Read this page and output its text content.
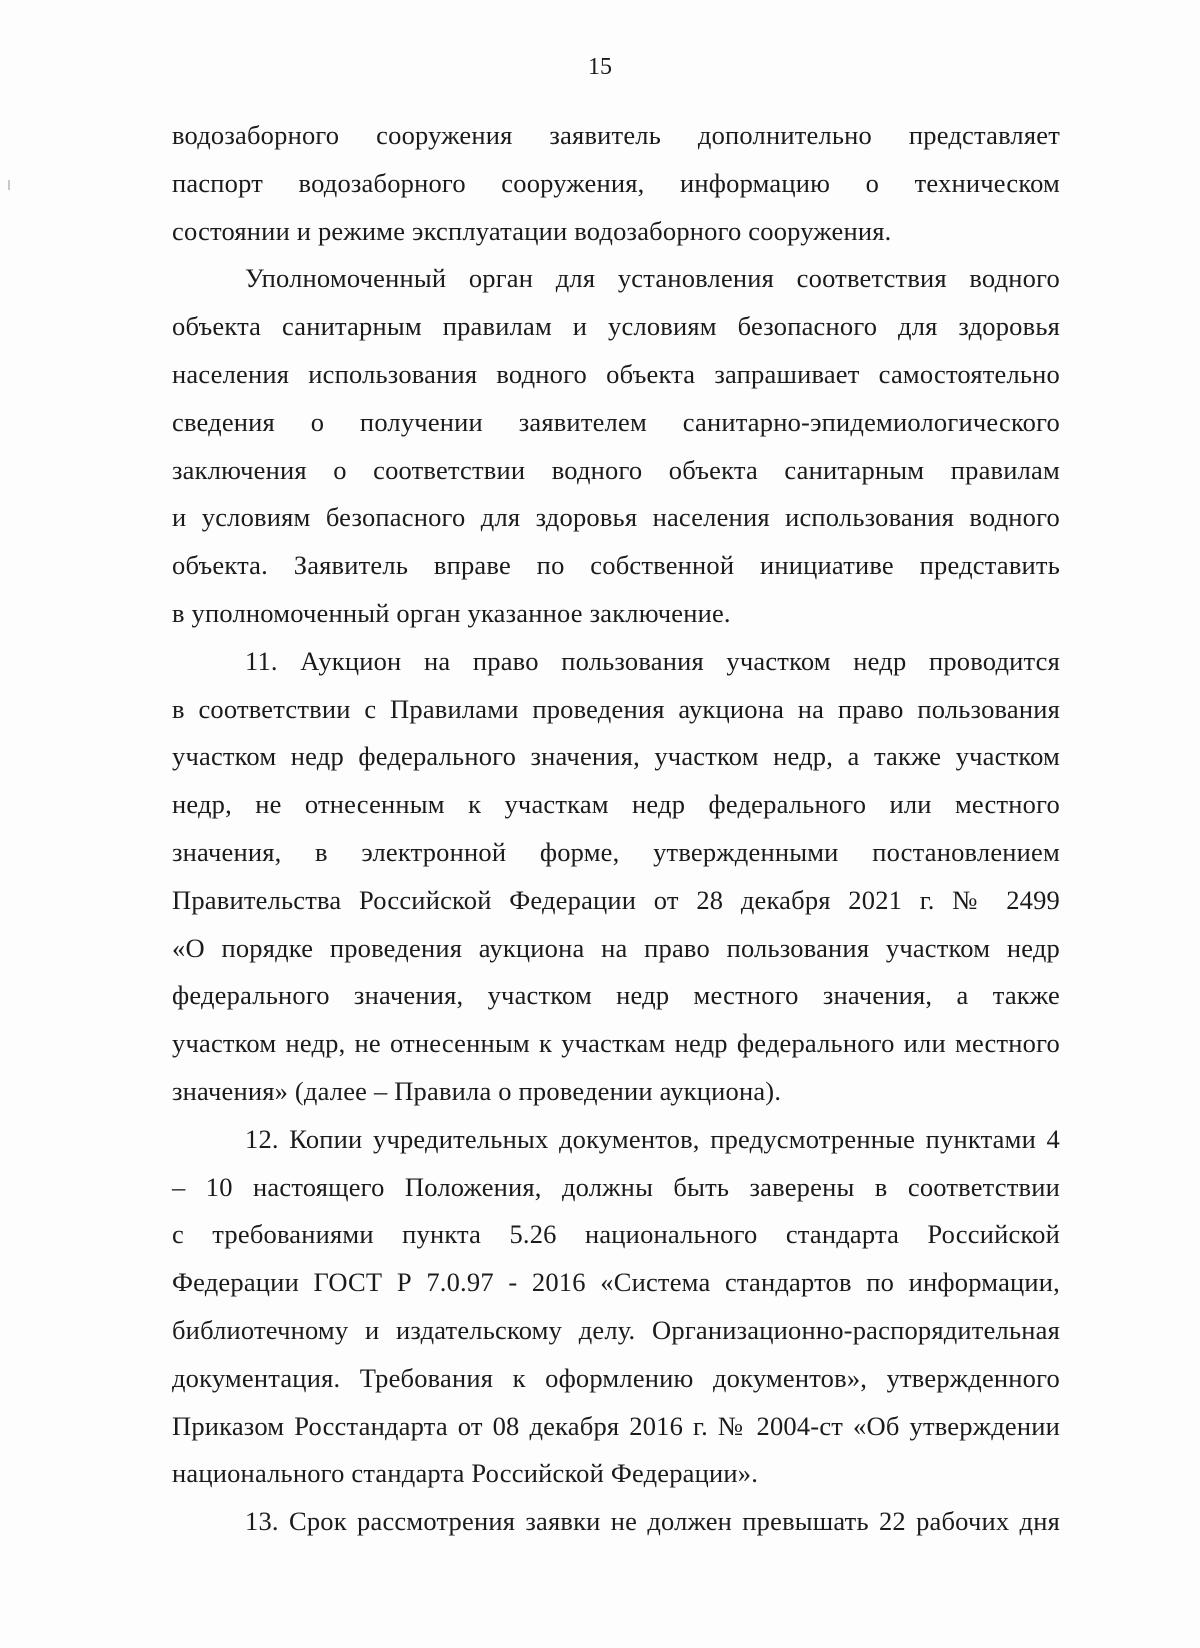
15

водозаборного сооружения заявитель дополнительно представляет
паспорт водозаборного сооружения, информацию о техническом
состоянии и режиме эксплуатации водозаборного сооружения.

Уполномоченный орган для установления соответствия водного
объекта санитарным правилам и условиям безопасного для здоровья
населения использования водного объекта запрашивает самостоятельно
сведения о получении заявителем санитарно-эпидемиологического
заключения о соответствии водного объекта санитарным правилам
и условиям безопасного для здоровья населения использования водного
объекта. Заявитель вправе по собственной инициативе представить
в уполномоченный орган указанное заключение.

11. Аукцион на право пользования участком недр проводится
в соответствии с Правилами проведения аукциона на право пользования
участком недр федерального значения, участком недр, а также участком
недр, не отнесенным к участкам недр федерального или местного
значения, в электронной форме, утвержденными постановлением
Правительства Российской Федерации от 28 декабря 2021 г. № 2499
«О порядке проведения аукциона на право пользования участком недр
федерального значения, участком недр местного значения, а также
участком недр, не отнесенным к участкам недр федерального или местного
значения» (далее – Правила о проведении аукциона).

12. Копии учредительных документов, предусмотренные пунктами 4
– 10 настоящего Положения, должны быть заверены в соответствии
с требованиями пункта 5.26 национального стандарта Российской
Федерации ГОСТ Р 7.0.97 - 2016 «Система стандартов по информации,
библиотечному и издательскому делу. Организационно-распорядительная
документация. Требования к оформлению документов», утвержденного
Приказом Росстандарта от 08 декабря 2016 г. № 2004-ст «Об утверждении
национального стандарта Российской Федерации».

13. Срок рассмотрения заявки не должен превышать 22 рабочих дня
